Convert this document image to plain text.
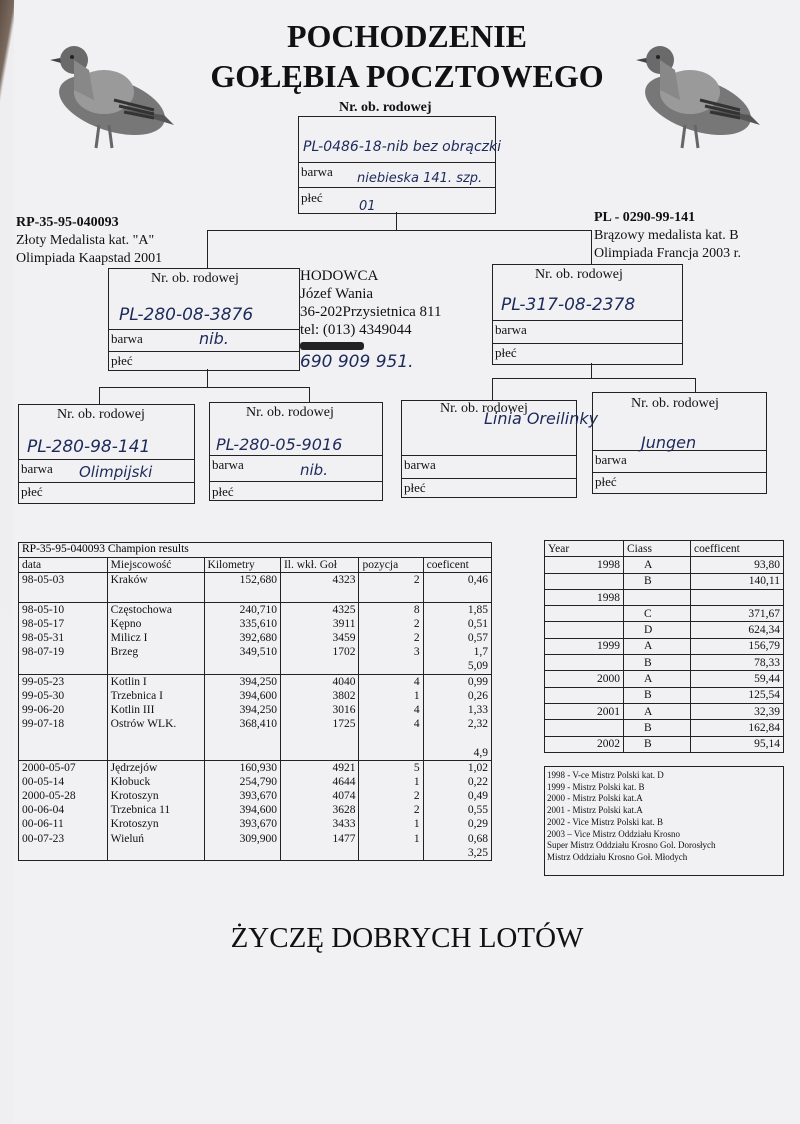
POCHODZENIE
GOŁĘBIA POCZTOWEGO
Nr. ob. rodowej
PL-0486-18-nib bez obrączki
barwa niebieska 141. szp.
płeć
01
RP-35-95-040093
Złoty Medalista kat. "A"
Olimpiada Kaapstad 2001
PL - 0290-99-141
Brązowy medalista kat. B
Olimpiada Francja 2003 r.
Nr. ob. rodowej
PL-280-08-3876
barwa	nib.
płeć
HODOWCA
Józef Wania
36-202Przysietnica 811
tel: (013) 4349044
690 909 951.
Nr. ob. rodowej
PL-317-08-2378
barwa
płeć
Nr. ob. rodowej
PL-280-98-141
barwa Olimpijski
płeć
Nr. ob. rodowej
PL-280-05-9016
barwa	nib.
płeć
Nr. ob. rodowej
Linia Oreilinky
barwa
płeć
Nr. ob. rodowej
Jungen
barwa
płeć
RP-35-95-040093 Champion results
data	Miejscowość	Kilometry	Il. wkł. Goł	pozycja	coeficent
98-05-03	Kraków	152,680	4323	2	0,46

98-05-10	Częstochowa	240,710	4325	8	1,85
98-05-17	Kępno	335,610	3911	2	0,51
98-05-31	Milicz I	392,680	3459	2	0,57
98-07-19	Brzeg	349,510	1702	3	1,7
					5,09
99-05-23	Kotlin I	394,250	4040	4	0,99
99-05-30	Trzebnica I	394,600	3802	1	0,26
99-06-20	Kotlin III	394,250	3016	4	1,33
99-07-18	Ostrów WLK.	368,410	1725	4	2,32

					4,9
2000-05-07	Jędrzejów	160,930	4921	5	1,02
00-05-14	Kłobuck	254,790	4644	1	0,22
2000-05-28	Krotoszyn	393,670	4074	2	0,49
00-06-04	Trzebnica 11	394,600	3628	2	0,55
00-06-11	Krotoszyn	393,670	3433	1	0,29
00-07-23	Wieluń	309,900	1477	1	0,68
					3,25
Year	Ciass	coefficent
1998	A	93,80
	B	140,11
1998		
	C	371,67
	D	624,34
1999	A	156,79
	B	78,33
2000	A	59,44
	B	125,54
2001	A	32,39
	B	162,84
2002	B	95,14
1998 - V-ce Mistrz Polski kat. D
1999 - Mistrz Polski kat. B
2000 - Mistrz Polski kat.A
2001 - Mistrz Polski kat.A
2002 - Vice Mistrz Polski kat. B
2003 – Vice Mistrz Oddziału Krosno
Super Mistrz Oddziału Krosno Gol. Dorosłych
Mistrz Oddziału Krosno Goł. Młodych
ŻYCZĘ DOBRYCH LOTÓW
